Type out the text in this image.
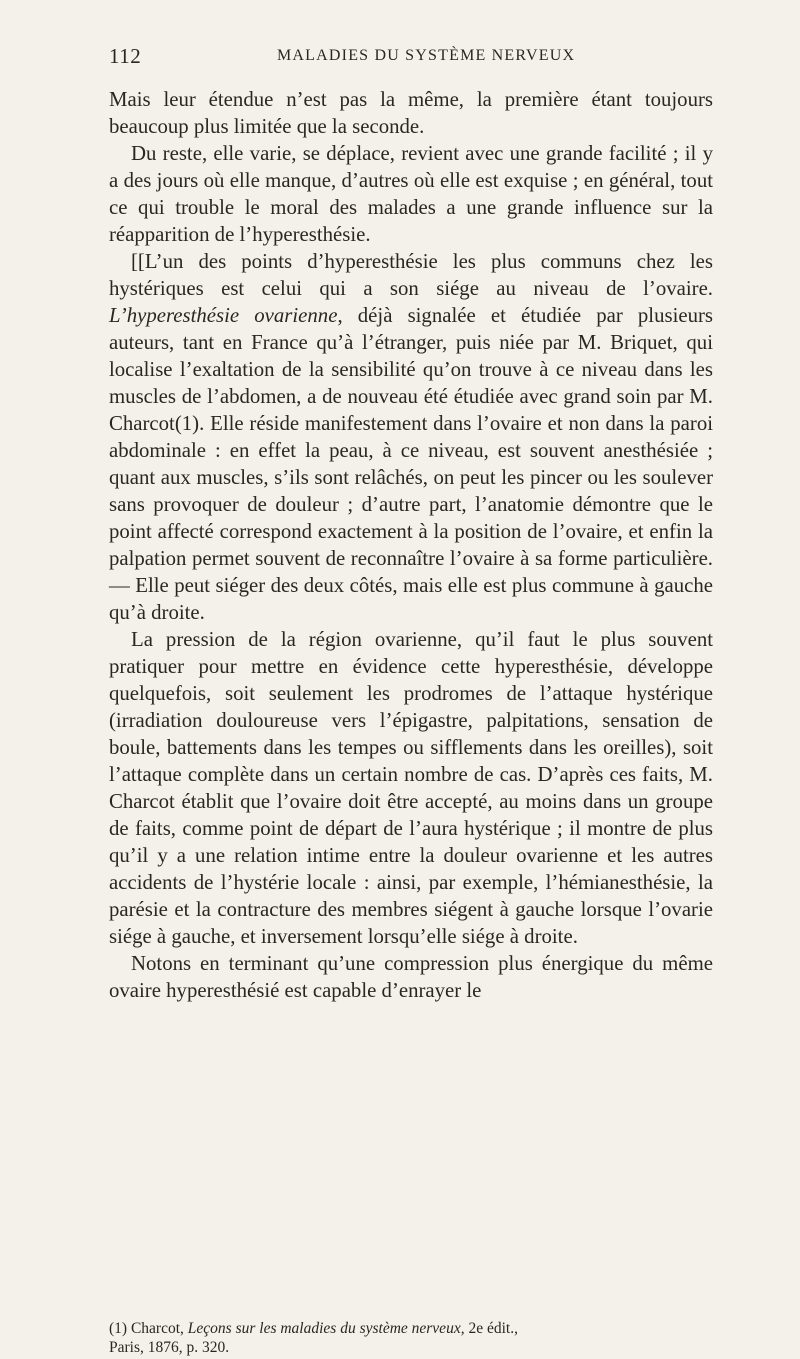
112	MALADIES DU SYSTÈME NERVEUX

Mais leur étendue n’est pas la même, la première étant toujours beaucoup plus limitée que la seconde.

Du reste, elle varie, se déplace, revient avec une grande facilité ; il y a des jours où elle manque, d’autres où elle est exquise ; en général, tout ce qui trouble le moral des malades a une grande influence sur la réapparition de l’hyperesthésie.

[[L’un des points d’hyperesthésie les plus communs chez les hystériques est celui qui a son siége au niveau de l’ovaire. L’hyperesthésie ovarienne, déjà signalée et étudiée par plusieurs auteurs, tant en France qu’à l’étranger, puis niée par M. Briquet, qui localise l’exaltation de la sensibilité qu’on trouve à ce niveau dans les muscles de l’abdomen, a de nouveau été étudiée avec grand soin par M. Charcot(1). Elle réside manifestement dans l’ovaire et non dans la paroi abdominale : en effet la peau, à ce niveau, est souvent anesthésiée ; quant aux muscles, s’ils sont relâchés, on peut les pincer ou les soulever sans provoquer de douleur ; d’autre part, l’anatomie démontre que le point affecté correspond exactement à la position de l’ovaire, et enfin la palpation permet souvent de reconnaître l’ovaire à sa forme particulière. — Elle peut siéger des deux côtés, mais elle est plus commune à gauche qu’à droite.

La pression de la région ovarienne, qu’il faut le plus souvent pratiquer pour mettre en évidence cette hyperesthésie, développe quelquefois, soit seulement les prodromes de l’attaque hystérique (irradiation douloureuse vers l’épigastre, palpitations, sensation de boule, battements dans les tempes ou sifflements dans les oreilles), soit l’attaque complète dans un certain nombre de cas. D’après ces faits, M. Charcot établit que l’ovaire doit être accepté, au moins dans un groupe de faits, comme point de départ de l’aura hystérique ; il montre de plus qu’il y a une relation intime entre la douleur ovarienne et les autres accidents de l’hystérie locale : ainsi, par exemple, l’hémianesthésie, la parésie et la contracture des membres siégent à gauche lorsque l’ovarie siége à gauche, et inversement lorsqu’elle siége à droite.

Notons en terminant qu’une compression plus énergique du même ovaire hyperesthésié est capable d’enrayer le

(1) Charcot, Leçons sur les maladies du système nerveux, 2e édit.,
Paris, 1876, p. 320.
